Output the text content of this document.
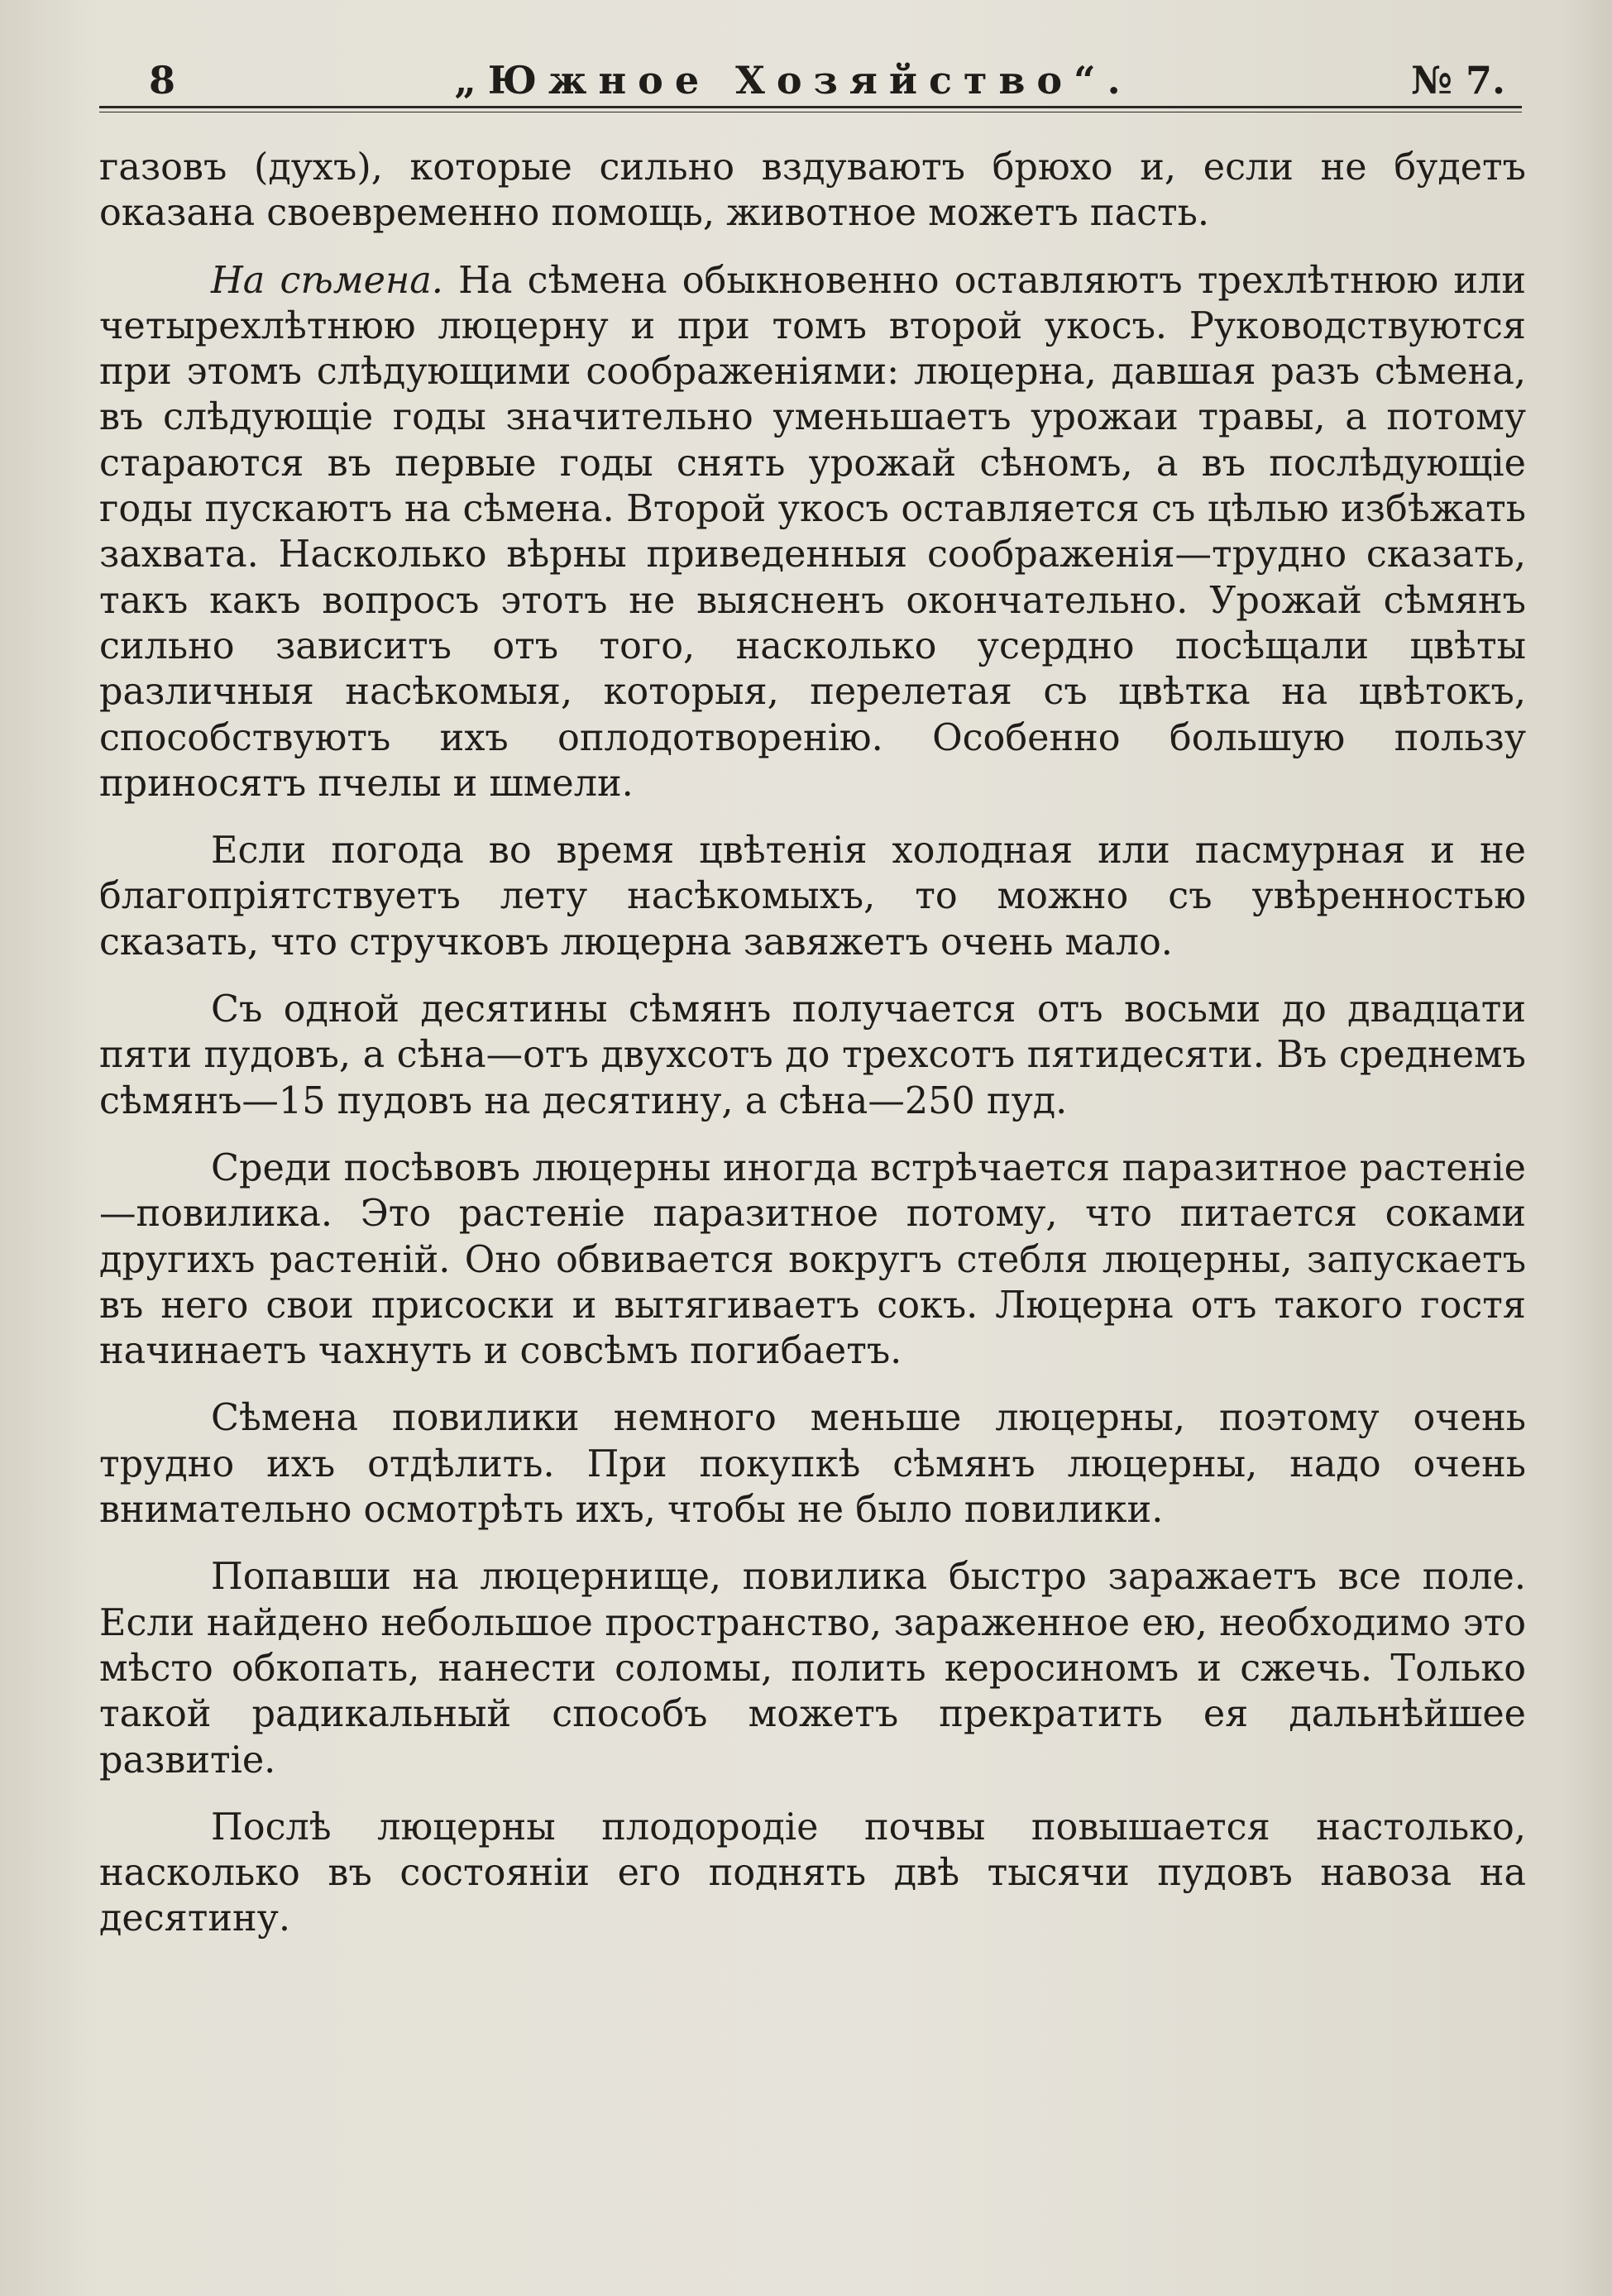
8	„Южное Хозяйство“.	№ 7.

газовъ (духъ), которые сильно вздуваютъ брюхо и, если не будетъ оказана своевременно помощь, животное можетъ пасть.

На сѣмена. На сѣмена обыкновенно оставляютъ трехлѣтнюю или четырехлѣтнюю люцерну и при томъ второй укосъ. Руководствуются при этомъ слѣдующими соображеніями: люцерна, давшая разъ сѣмена, въ слѣдующіе годы значительно уменьшаетъ урожаи травы, а потому стараются въ первые годы снять урожай сѣномъ, а въ послѣдующіе годы пускаютъ на сѣмена. Второй укосъ оставляется съ цѣлью избѣжать захвата. Насколько вѣрны приведенныя соображенія—трудно сказать, такъ какъ вопросъ этотъ не выясненъ окончательно. Урожай сѣмянъ сильно зависитъ отъ того, насколько усердно посѣщали цвѣты различныя насѣкомыя, которыя, перелетая съ цвѣтка на цвѣтокъ, способствуютъ ихъ оплодотворенію. Особенно большую пользу приносятъ пчелы и шмели.

Если погода во время цвѣтенія холодная или пасмурная и не благопріятствуетъ лету насѣкомыхъ, то можно съ увѣренностью сказать, что стручковъ люцерна завяжетъ очень мало.

Съ одной десятины сѣмянъ получается отъ восьми до двадцати пяти пудовъ, а сѣна—отъ двухсотъ до трехсотъ пятидесяти. Въ среднемъ сѣмянъ—15 пудовъ на десятину, а сѣна—250 пуд.

Среди посѣвовъ люцерны иногда встрѣчается паразитное растеніе—повилика. Это растеніе паразитное потому, что питается соками другихъ растеній. Оно обвивается вокругъ стебля люцерны, запускаетъ въ него свои присоски и вытягиваетъ сокъ. Люцерна отъ такого гостя начинаетъ чахнуть и совсѣмъ погибаетъ.

Сѣмена повилики немного меньше люцерны, поэтому очень трудно ихъ отдѣлить. При покупкѣ сѣмянъ люцерны, надо очень внимательно осмотрѣть ихъ, чтобы не было повилики.

Попавши на люцернище, повилика быстро заражаетъ все поле. Если найдено небольшое пространство, зараженное ею, необходимо это мѣсто обкопать, нанести соломы, полить керосиномъ и сжечь. Только такой радикальный способъ можетъ прекратить ея дальнѣйшее развитіе.

Послѣ люцерны плодородіе почвы повышается настолько, насколько въ состояніи его поднять двѣ тысячи пудовъ навоза на десятину.
